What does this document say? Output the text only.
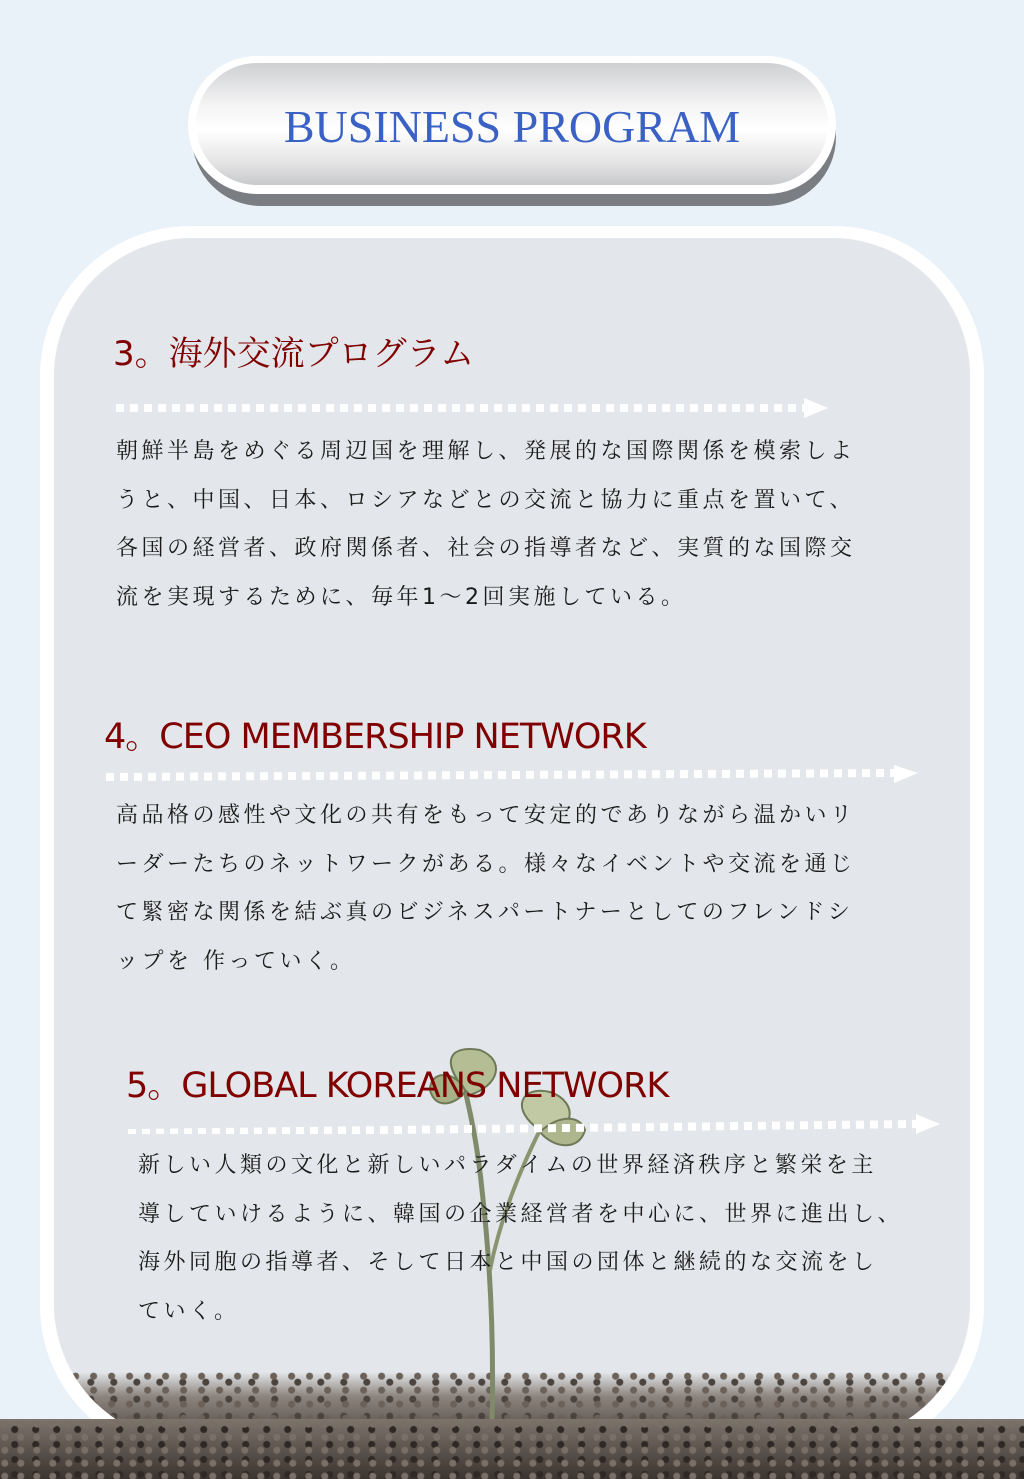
BUSINESS PROGRAM
3。海外交流プログラム
朝鮮半島をめぐる周辺国を理解し、発展的な国際関係を模索しよ
うと、中国、日本、ロシアなどとの交流と協力に重点を置いて、
各国の経営者、政府関係者、社会の指導者など、実質的な国際交
流を実現するために、毎年1〜2回実施している。
4。CEO MEMBERSHIP NETWORK
高品格の感性や文化の共有をもって安定的でありながら温かいリ
ーダーたちのネットワークがある。様々なイベントや交流を通じ
て緊密な関係を結ぶ真のビジネスパートナーとしてのフレンドシ
ップを 作っていく。
5。GLOBAL KOREANS NETWORK
新しい人類の文化と新しいパラダイムの世界経済秩序と繁栄を主
導していけるように、韓国の企業経営者を中心に、世界に進出し、
海外同胞の指導者、そして日本と中国の団体と継続的な交流をし
ていく。
